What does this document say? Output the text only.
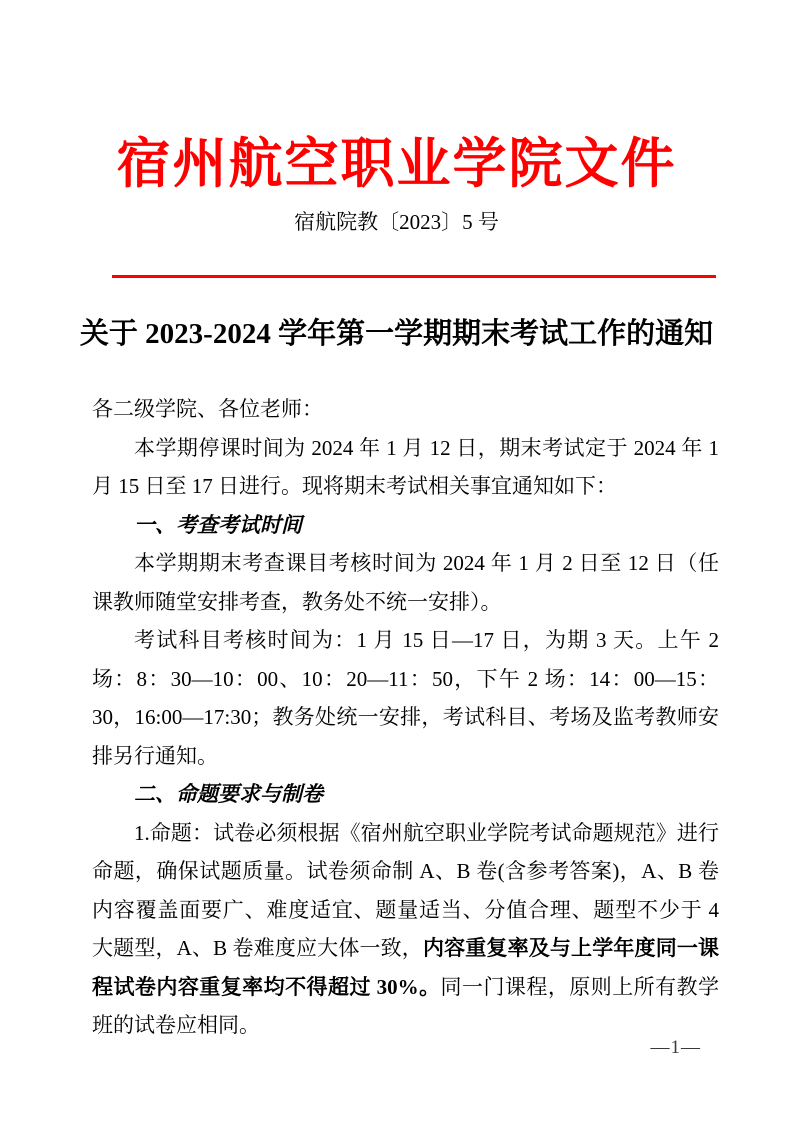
宿州航空职业学院文件
宿航院教〔2023〕5 号
关于 2023-2024 学年第一学期期末考试工作的通知

各二级学院、各位老师：

本学期停课时间为 2024 年 1 月 12 日，期末考试定于 2024 年 1 月 15 日至 17 日进行。现将期末考试相关事宜通知如下：

一、考查考试时间

本学期期末考查课目考核时间为 2024 年 1 月 2 日至 12 日（任课教师随堂安排考查，教务处不统一安排）。

考试科目考核时间为：1 月 15 日—17 日，为期 3 天。上午 2 场：8：30—10：00、10：20—11：50，下午 2 场：14：00—15：30，16:00—17:30；教务处统一安排，考试科目、考场及监考教师安排另行通知。

二、命题要求与制卷

1.命题：试卷必须根据《宿州航空职业学院考试命题规范》进行命题，确保试题质量。试卷须命制 A、B 卷(含参考答案)，A、B 卷内容覆盖面要广、难度适宜、题量适当、分值合理、题型不少于 4 大题型，A、B 卷难度应大体一致，内容重复率及与上学年度同一课程试卷内容重复率均不得超过 30%。同一门课程，原则上所有教学班的试卷应相同。

—1—
